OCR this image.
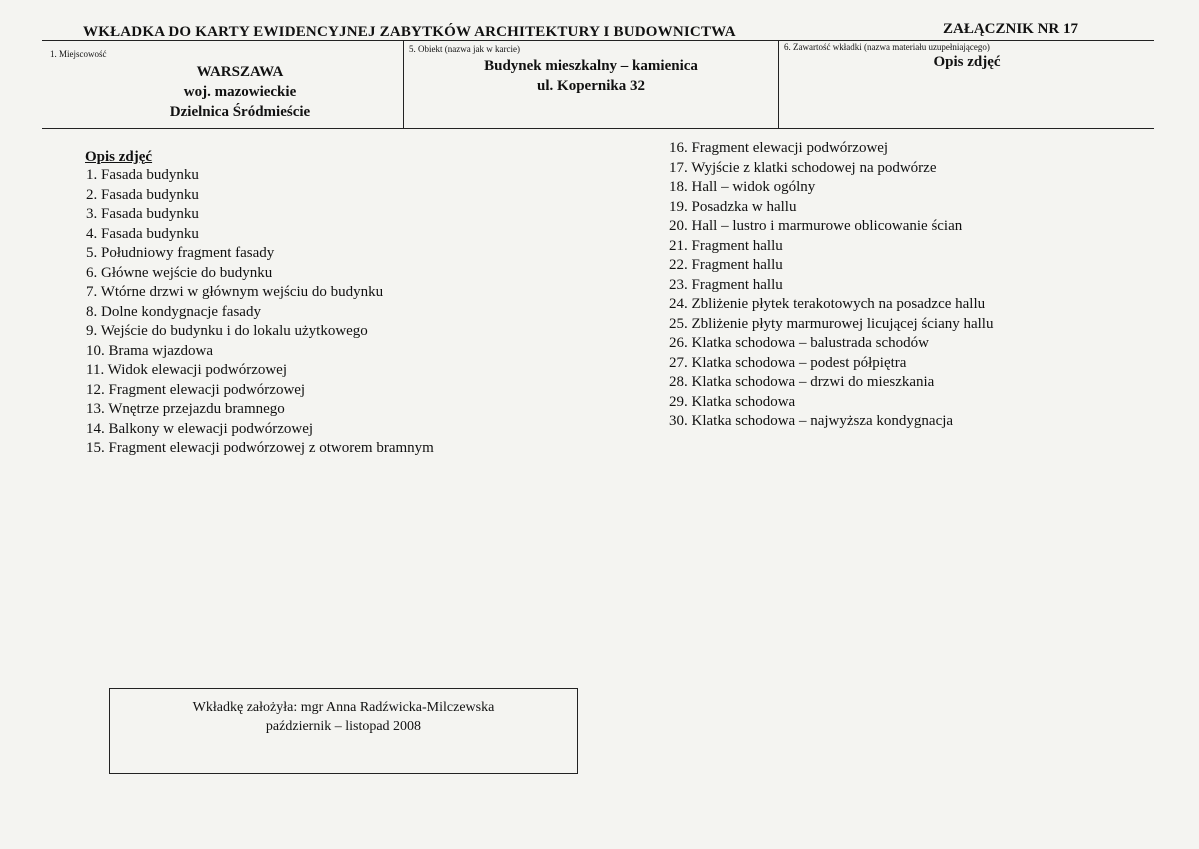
WKŁADKA DO KARTY EWIDENCYJNEJ ZABYTKÓW ARCHITEKTURY I BUDOWNICTWA	ZAŁĄCZNIK NR 17
1. Miejscowość
WARSZAWA
woj. mazowieckie
Dzielnica Śródmieście
5. Obiekt (nazwa jak w karcie)
Budynek mieszkalny – kamienica
ul. Kopernika 32
6. Zawartość wkładki (nazwa materiału uzupełniającego)
Opis zdjęć
Opis zdjęć
1. Fasada budynku
2. Fasada budynku
3. Fasada budynku
4. Fasada budynku
5. Południowy fragment fasady
6. Główne wejście do budynku
7. Wtórne drzwi w głównym wejściu do budynku
8. Dolne kondygnacje fasady
9. Wejście do budynku i do lokalu użytkowego
10. Brama wjazdowa
11. Widok elewacji podwórzowej
12. Fragment elewacji podwórzowej
13. Wnętrze przejazdu bramnego
14. Balkony w elewacji podwórzowej
15. Fragment elewacji podwórzowej z otworem bramnym
16. Fragment elewacji podwórzowej
17. Wyjście z klatki schodowej na podwórze
18. Hall – widok ogólny
19. Posadzka w hallu
20. Hall – lustro i marmurowe oblicowanie ścian
21. Fragment hallu
22. Fragment hallu
23. Fragment hallu
24. Zbliżenie płytek terakotowych na posadzce hallu
25. Zbliżenie płyty marmurowej licującej ściany hallu
26. Klatka schodowa – balustrada schodów
27. Klatka schodowa – podest półpiętra
28. Klatka schodowa – drzwi do mieszkania
29. Klatka schodowa
30. Klatka schodowa – najwyższa kondygnacja
Wkładkę założyła: mgr Anna Radźwicka-Milczewska
październik – listopad 2008
